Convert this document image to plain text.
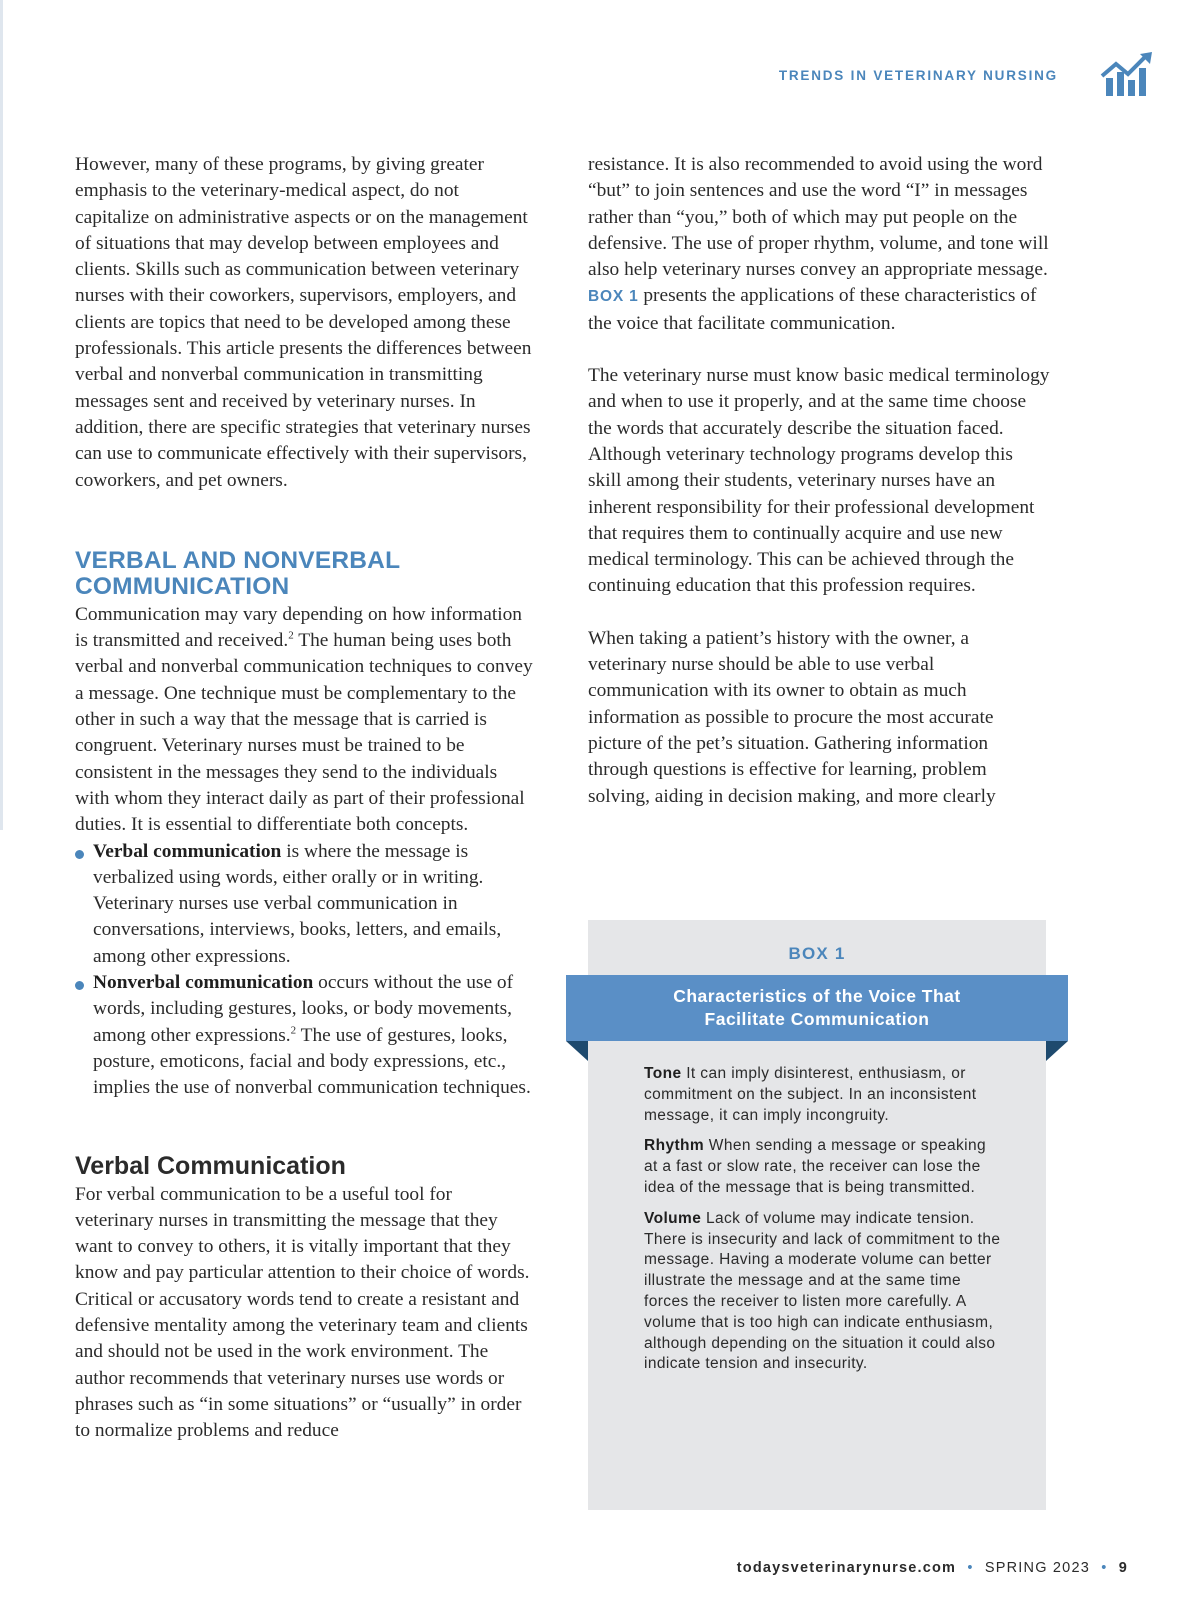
TRENDS IN VETERINARY NURSING

However, many of these programs, by giving greater emphasis to the veterinary-medical aspect, do not capitalize on administrative aspects or on the management of situations that may develop between employees and clients. Skills such as communication between veterinary nurses with their coworkers, supervisors, employers, and clients are topics that need to be developed among these professionals. This article presents the differences between verbal and nonverbal communication in transmitting messages sent and received by veterinary nurses. In addition, there are specific strategies that veterinary nurses can use to communicate effectively with their supervisors, coworkers, and pet owners.

VERBAL AND NONVERBAL
COMMUNICATION

Communication may vary depending on how information is transmitted and received.$^2$ The human being uses both verbal and nonverbal communication techniques to convey a message. One technique must be complementary to the other in such a way that the message that is carried is congruent. Veterinary nurses must be trained to be consistent in the messages they send to the individuals with whom they interact daily as part of their professional duties. It is essential to differentiate both concepts.

Verbal communication is where the message is verbalized using words, either orally or in writing. Veterinary nurses use verbal communication in conversations, interviews, books, letters, and emails, among other expressions.
Nonverbal communication occurs without the use of words, including gestures, looks, or body movements, among other expressions.$^2$ The use of gestures, looks, posture, emoticons, facial and body expressions, etc., implies the use of nonverbal communication techniques.
Verbal Communication

For verbal communication to be a useful tool for veterinary nurses in transmitting the message that they want to convey to others, it is vitally important that they know and pay particular attention to their choice of words. Critical or accusatory words tend to create a resistant and defensive mentality among the veterinary team and clients and should not be used in the work environment. The author recommends that veterinary nurses use words or phrases such as “in some situations” or “usually” in order to normalize problems and reduce

resistance. It is also recommended to avoid using the word “but” to join sentences and use the word “I” in messages rather than “you,” both of which may put people on the defensive. The use of proper rhythm, volume, and tone will also help veterinary nurses convey an appropriate message. BOX 1 presents the applications of these characteristics of the voice that facilitate communication.

The veterinary nurse must know basic medical terminology and when to use it properly, and at the same time choose the words that accurately describe the situation faced. Although veterinary technology programs develop this skill among their students, veterinary nurses have an inherent responsibility for their professional development that requires them to continually acquire and use new medical terminology. This can be achieved through the continuing education that this profession requires.

When taking a patient’s history with the owner, a veterinary nurse should be able to use verbal communication with its owner to obtain as much information as possible to procure the most accurate picture of the pet’s situation. Gathering information through questions is effective for learning, problem solving, aiding in decision making, and more clearly

BOX 1
Characteristics of the Voice That
Facilitate Communication

Tone It can imply disinterest, enthusiasm, or commitment on the subject. In an inconsistent message, it can imply incongruity.

Rhythm When sending a message or speaking at a fast or slow rate, the receiver can lose the idea of the message that is being transmitted.

Volume Lack of volume may indicate tension. There is insecurity and lack of commitment to the message. Having a moderate volume can better illustrate the message and at the same time forces the receiver to listen more carefully. A volume that is too high can indicate enthusiasm, although depending on the situation it could also indicate tension and insecurity.

todaysveterinarynurse.com • SPRING 2023 • 9
